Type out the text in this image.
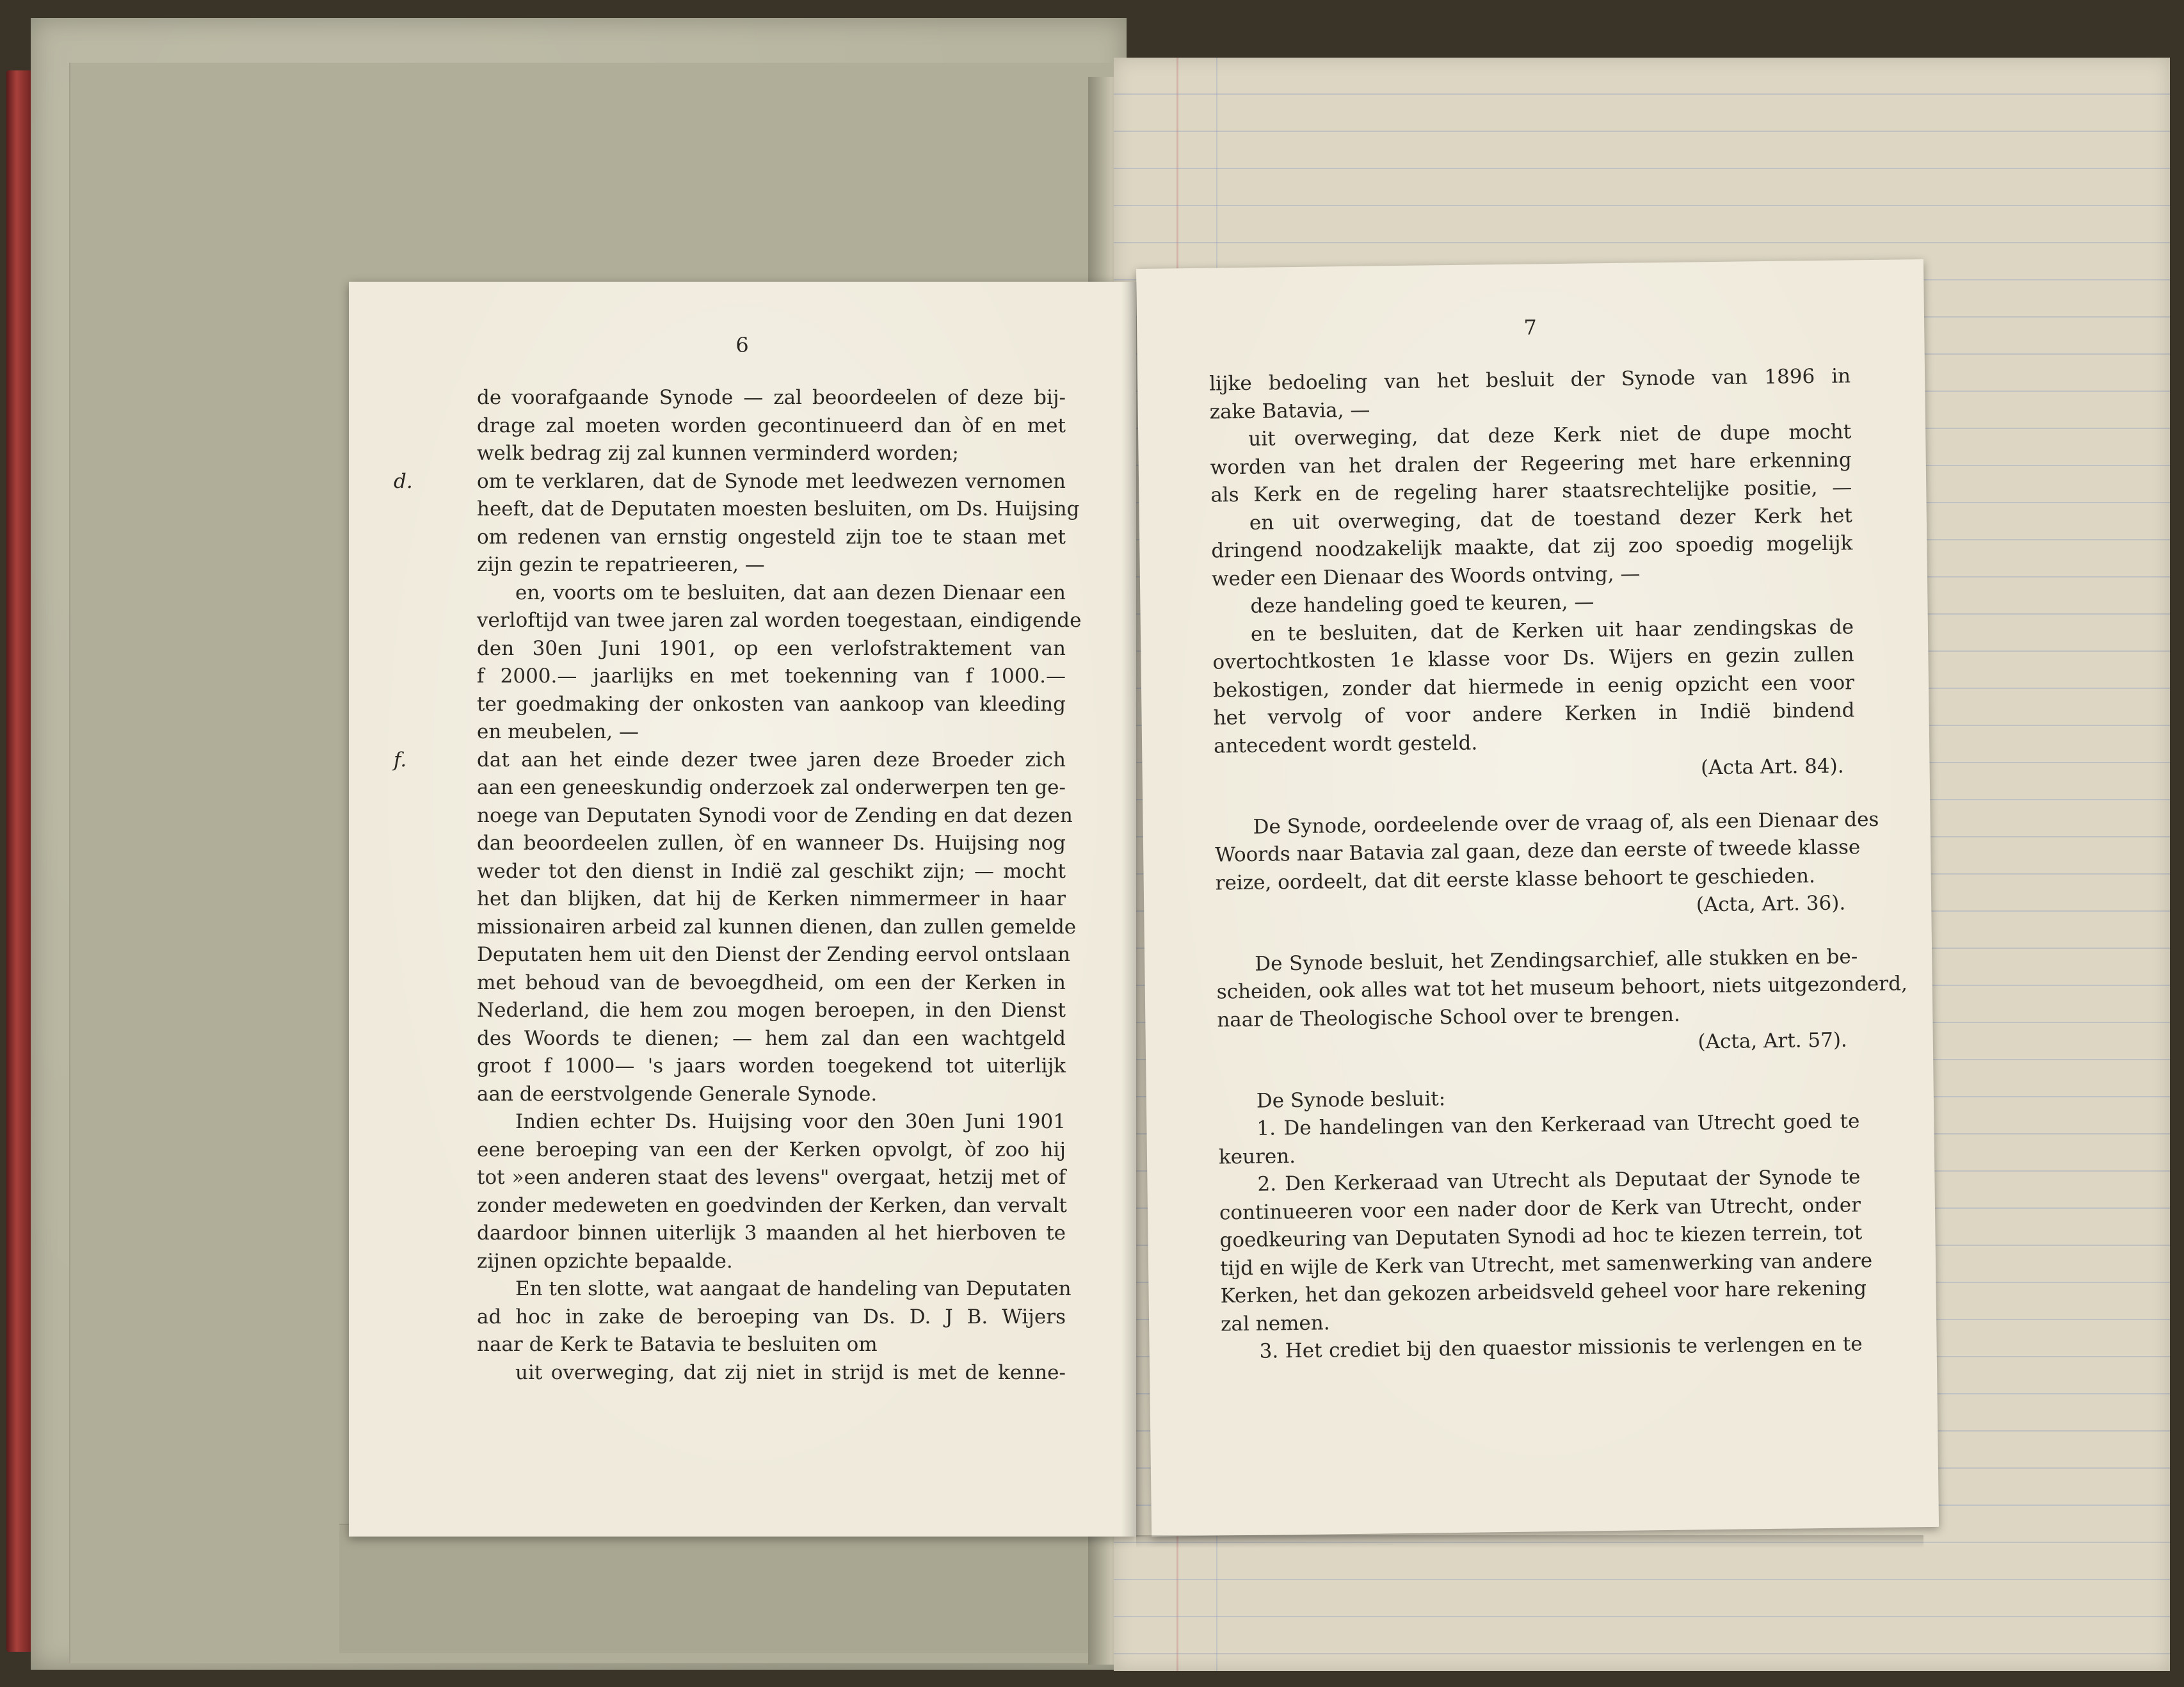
6
de voorafgaande Synode — zal beoordeelen of deze bij-
drage zal moeten worden gecontinueerd dan òf en met
welk bedrag zij zal kunnen verminderd worden;
d.	om te verklaren, dat de Synode met leedwezen vernomen
heeft, dat de Deputaten moesten besluiten, om Ds. Huijsing
om redenen van ernstig ongesteld zijn toe te staan met
zijn gezin te repatrieeren, —
en, voorts om te besluiten, dat aan dezen Dienaar een
verloftijd van twee jaren zal worden toegestaan, eindigende
den 30en Juni 1901, op een verlofstraktement van
f 2000.— jaarlijks en met toekenning van f 1000.—
ter goedmaking der onkosten van aankoop van kleeding
en meubelen, —
f.	dat aan het einde dezer twee jaren deze Broeder zich
aan een geneeskundig onderzoek zal onderwerpen ten ge-
noege van Deputaten Synodi voor de Zending en dat dezen
dan beoordeelen zullen, òf en wanneer Ds. Huijsing nog
weder tot den dienst in Indië zal geschikt zijn; — mocht
het dan blijken, dat hij de Kerken nimmermeer in haar
missionairen arbeid zal kunnen dienen, dan zullen gemelde
Deputaten hem uit den Dienst der Zending eervol ontslaan
met behoud van de bevoegdheid, om een der Kerken in
Nederland, die hem zou mogen beroepen, in den Dienst
des Woords te dienen; — hem zal dan een wachtgeld
groot f 1000— 's jaars worden toegekend tot uiterlijk
aan de eerstvolgende Generale Synode.
Indien echter Ds. Huijsing voor den 30en Juni 1901
eene beroeping van een der Kerken opvolgt, òf zoo hij
tot »een anderen staat des levens" overgaat, hetzij met of
zonder medeweten en goedvinden der Kerken, dan vervalt
daardoor binnen uiterlijk 3 maanden al het hierboven te
zijnen opzichte bepaalde.
En ten slotte, wat aangaat de handeling van Deputaten
ad hoc in zake de beroeping van Ds. D. J B. Wijers
naar de Kerk te Batavia te besluiten om
uit overweging, dat zij niet in strijd is met de kenne-
7
lijke bedoeling van het besluit der Synode van 1896 in
zake Batavia, —
uit overweging, dat deze Kerk niet de dupe mocht
worden van het dralen der Regeering met hare erkenning
als Kerk en de regeling harer staatsrechtelijke positie, —
en uit overweging, dat de toestand dezer Kerk het
dringend noodzakelijk maakte, dat zij zoo spoedig mogelijk
weder een Dienaar des Woords ontving, —
deze handeling goed te keuren, —
en te besluiten, dat de Kerken uit haar zendingskas de
overtochtkosten 1e klasse voor Ds. Wijers en gezin zullen
bekostigen, zonder dat hiermede in eenig opzicht een voor
het vervolg of voor andere Kerken in Indië bindend
antecedent wordt gesteld.
(Acta Art. 84).
De Synode, oordeelende over de vraag of, als een Dienaar des
Woords naar Batavia zal gaan, deze dan eerste of tweede klasse
reize, oordeelt, dat dit eerste klasse behoort te geschieden.
(Acta, Art. 36).
De Synode besluit, het Zendingsarchief, alle stukken en be-
scheiden, ook alles wat tot het museum behoort, niets uitgezonderd,
naar de Theologische School over te brengen.
(Acta, Art. 57).
De Synode besluit:
1. De handelingen van den Kerkeraad van Utrecht goed te
keuren.
2. Den Kerkeraad van Utrecht als Deputaat der Synode te
continueeren voor een nader door de Kerk van Utrecht, onder
goedkeuring van Deputaten Synodi ad hoc te kiezen terrein, tot
tijd en wijle de Kerk van Utrecht, met samenwerking van andere
Kerken, het dan gekozen arbeidsveld geheel voor hare rekening
zal nemen.
3. Het crediet bij den quaestor missionis te verlengen en te
